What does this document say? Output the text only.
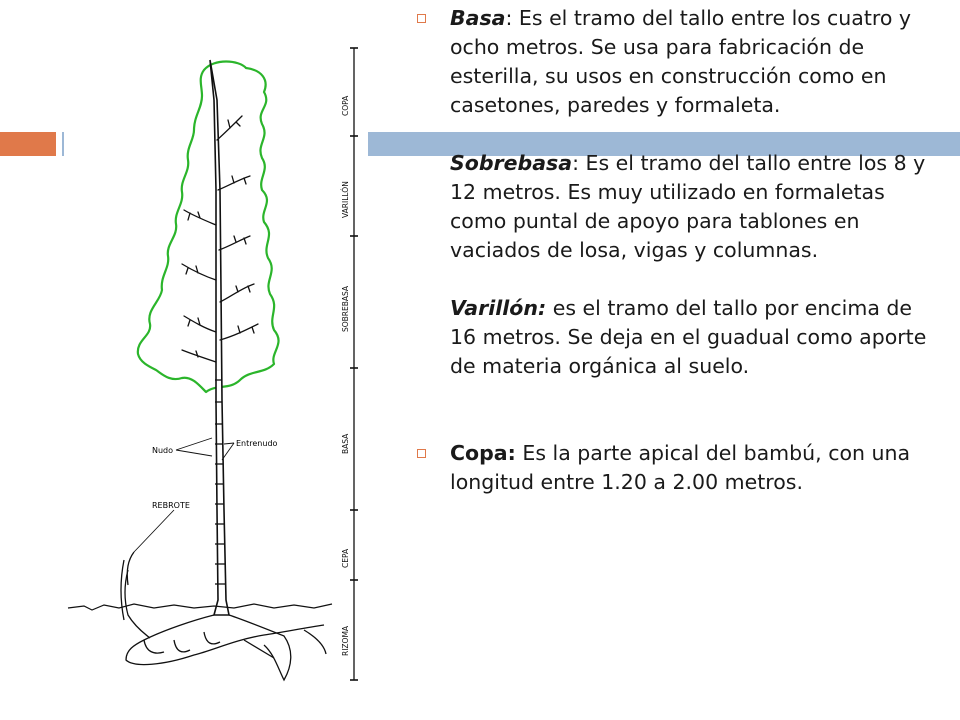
Nudo
Entrenudo
REBROTE
COPA
VARILLÓN
SOBREBASA
BASA
CEPA
RIZOMA
Basa: Es el tramo del tallo entre los cuatro y ocho metros. Se usa para fabricación de esterilla, su usos en construcción como en casetones, paredes y formaleta.
Sobrebasa: Es el tramo del tallo entre los 8 y 12 metros. Es muy utilizado en formaletas como puntal de apoyo para tablones en vaciados de losa, vigas y columnas.
Varillón: es el tramo del tallo por encima de 16 metros. Se deja en el guadual como aporte de materia orgánica al suelo.
Copa: Es la parte apical del bambú, con una longitud entre 1.20 a 2.00 metros.
